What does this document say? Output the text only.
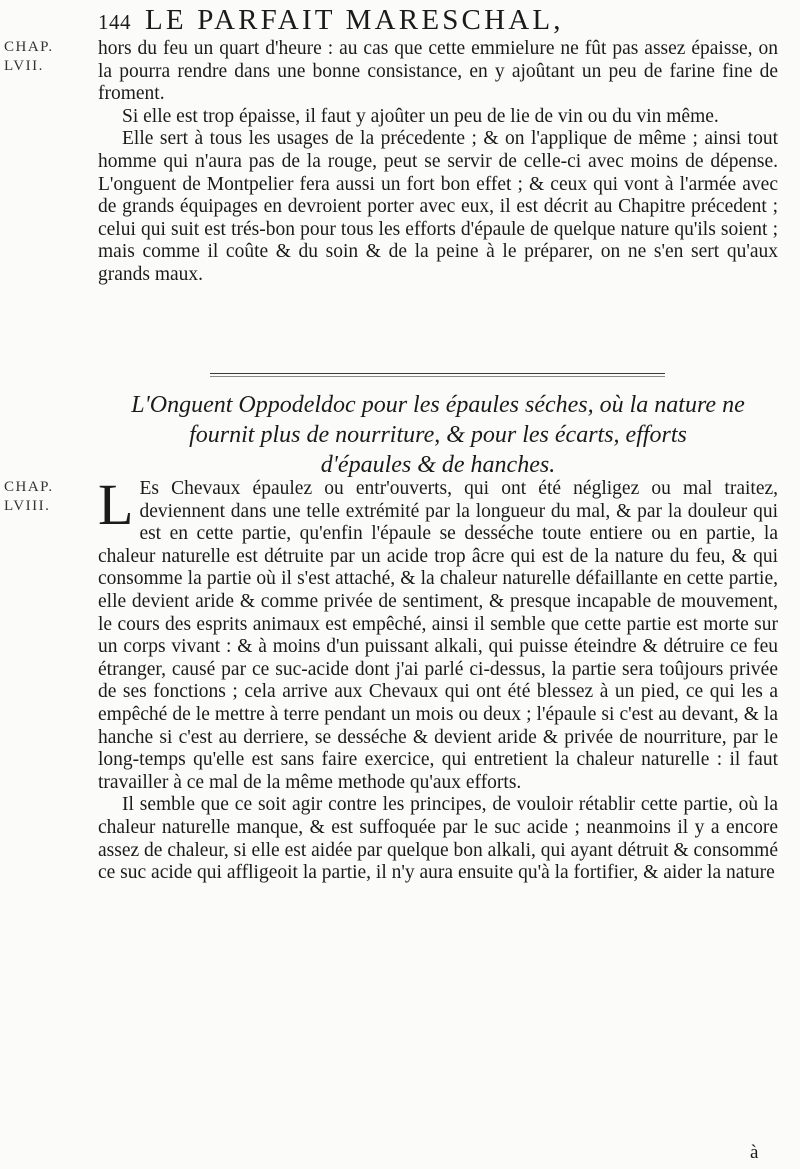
144 LE PARFAIT MARESCHAL,
CHAP.
LVII.

hors du feu un quart d'heure : au cas que cette emmielure ne fût pas assez épaisse, on la pourra rendre dans une bonne consistance, en y ajoûtant un peu de farine fine de froment.

Si elle est trop épaisse, il faut y ajoûter un peu de lie de vin ou du vin même.

Elle sert à tous les usages de la précedente ; & on l'applique de même ; ainsi tout homme qui n'aura pas de la rouge, peut se servir de celle-ci avec moins de dépense. L'onguent de Montpelier fera aussi un fort bon effet ; & ceux qui vont à l'armée avec de grands équipages en devroient porter avec eux, il est décrit au Chapitre précedent ; celui qui suit est trés-bon pour tous les efforts d'épaule de quelque nature qu'ils soient ; mais comme il coûte & du soin & de la peine à le préparer, on ne s'en sert qu'aux grands maux.

L'Onguent Oppodeldoc pour les épaules séches, où la nature ne fournit plus de nourriture, & pour les écarts, efforts
d'épaules & de hanches.
CHAP.
LVIII. L Es Chevaux épaulez ou entr'ouverts, qui ont été négligez ou mal traitez, deviennent dans une telle extrémité par la longueur du mal, & par la douleur qui est en cette partie, qu'enfin l'épaule se desséche toute entiere ou en partie, la chaleur naturelle est détruite par un acide trop âcre qui est de la nature du feu, & qui consomme la partie où il s'est attaché, & la chaleur naturelle défaillante en cette partie, elle devient aride & comme privée de sentiment, & presque incapable de mouvement, le cours des esprits animaux est empêché, ainsi il semble que cette partie est morte sur un corps vivant : & à moins d'un puissant alkali, qui puisse éteindre & détruire ce feu étranger, causé par ce suc-acide dont j'ai parlé ci-dessus, la partie sera toûjours privée de ses fonctions ; cela arrive aux Chevaux qui ont été blessez à un pied, ce qui les a empêché de le mettre à terre pendant un mois ou deux ; l'épaule si c'est au devant, & la hanche si c'est au derriere, se desséche & devient aride & privée de nourriture, par le long-temps qu'elle est sans faire exercice, qui entretient la chaleur naturelle : il faut travailler à ce mal de la même methode qu'aux efforts.

Il semble que ce soit agir contre les principes, de vouloir rétablir cette partie, où la chaleur naturelle manque, & est suffoquée par le suc acide ; neanmoins il y a encore assez de chaleur, si elle est aidée par quelque bon alkali, qui ayant détruit & consommé ce suc acide qui affligeoit la partie, il n'y aura ensuite qu'à la fortifier, & aider la nature

à
